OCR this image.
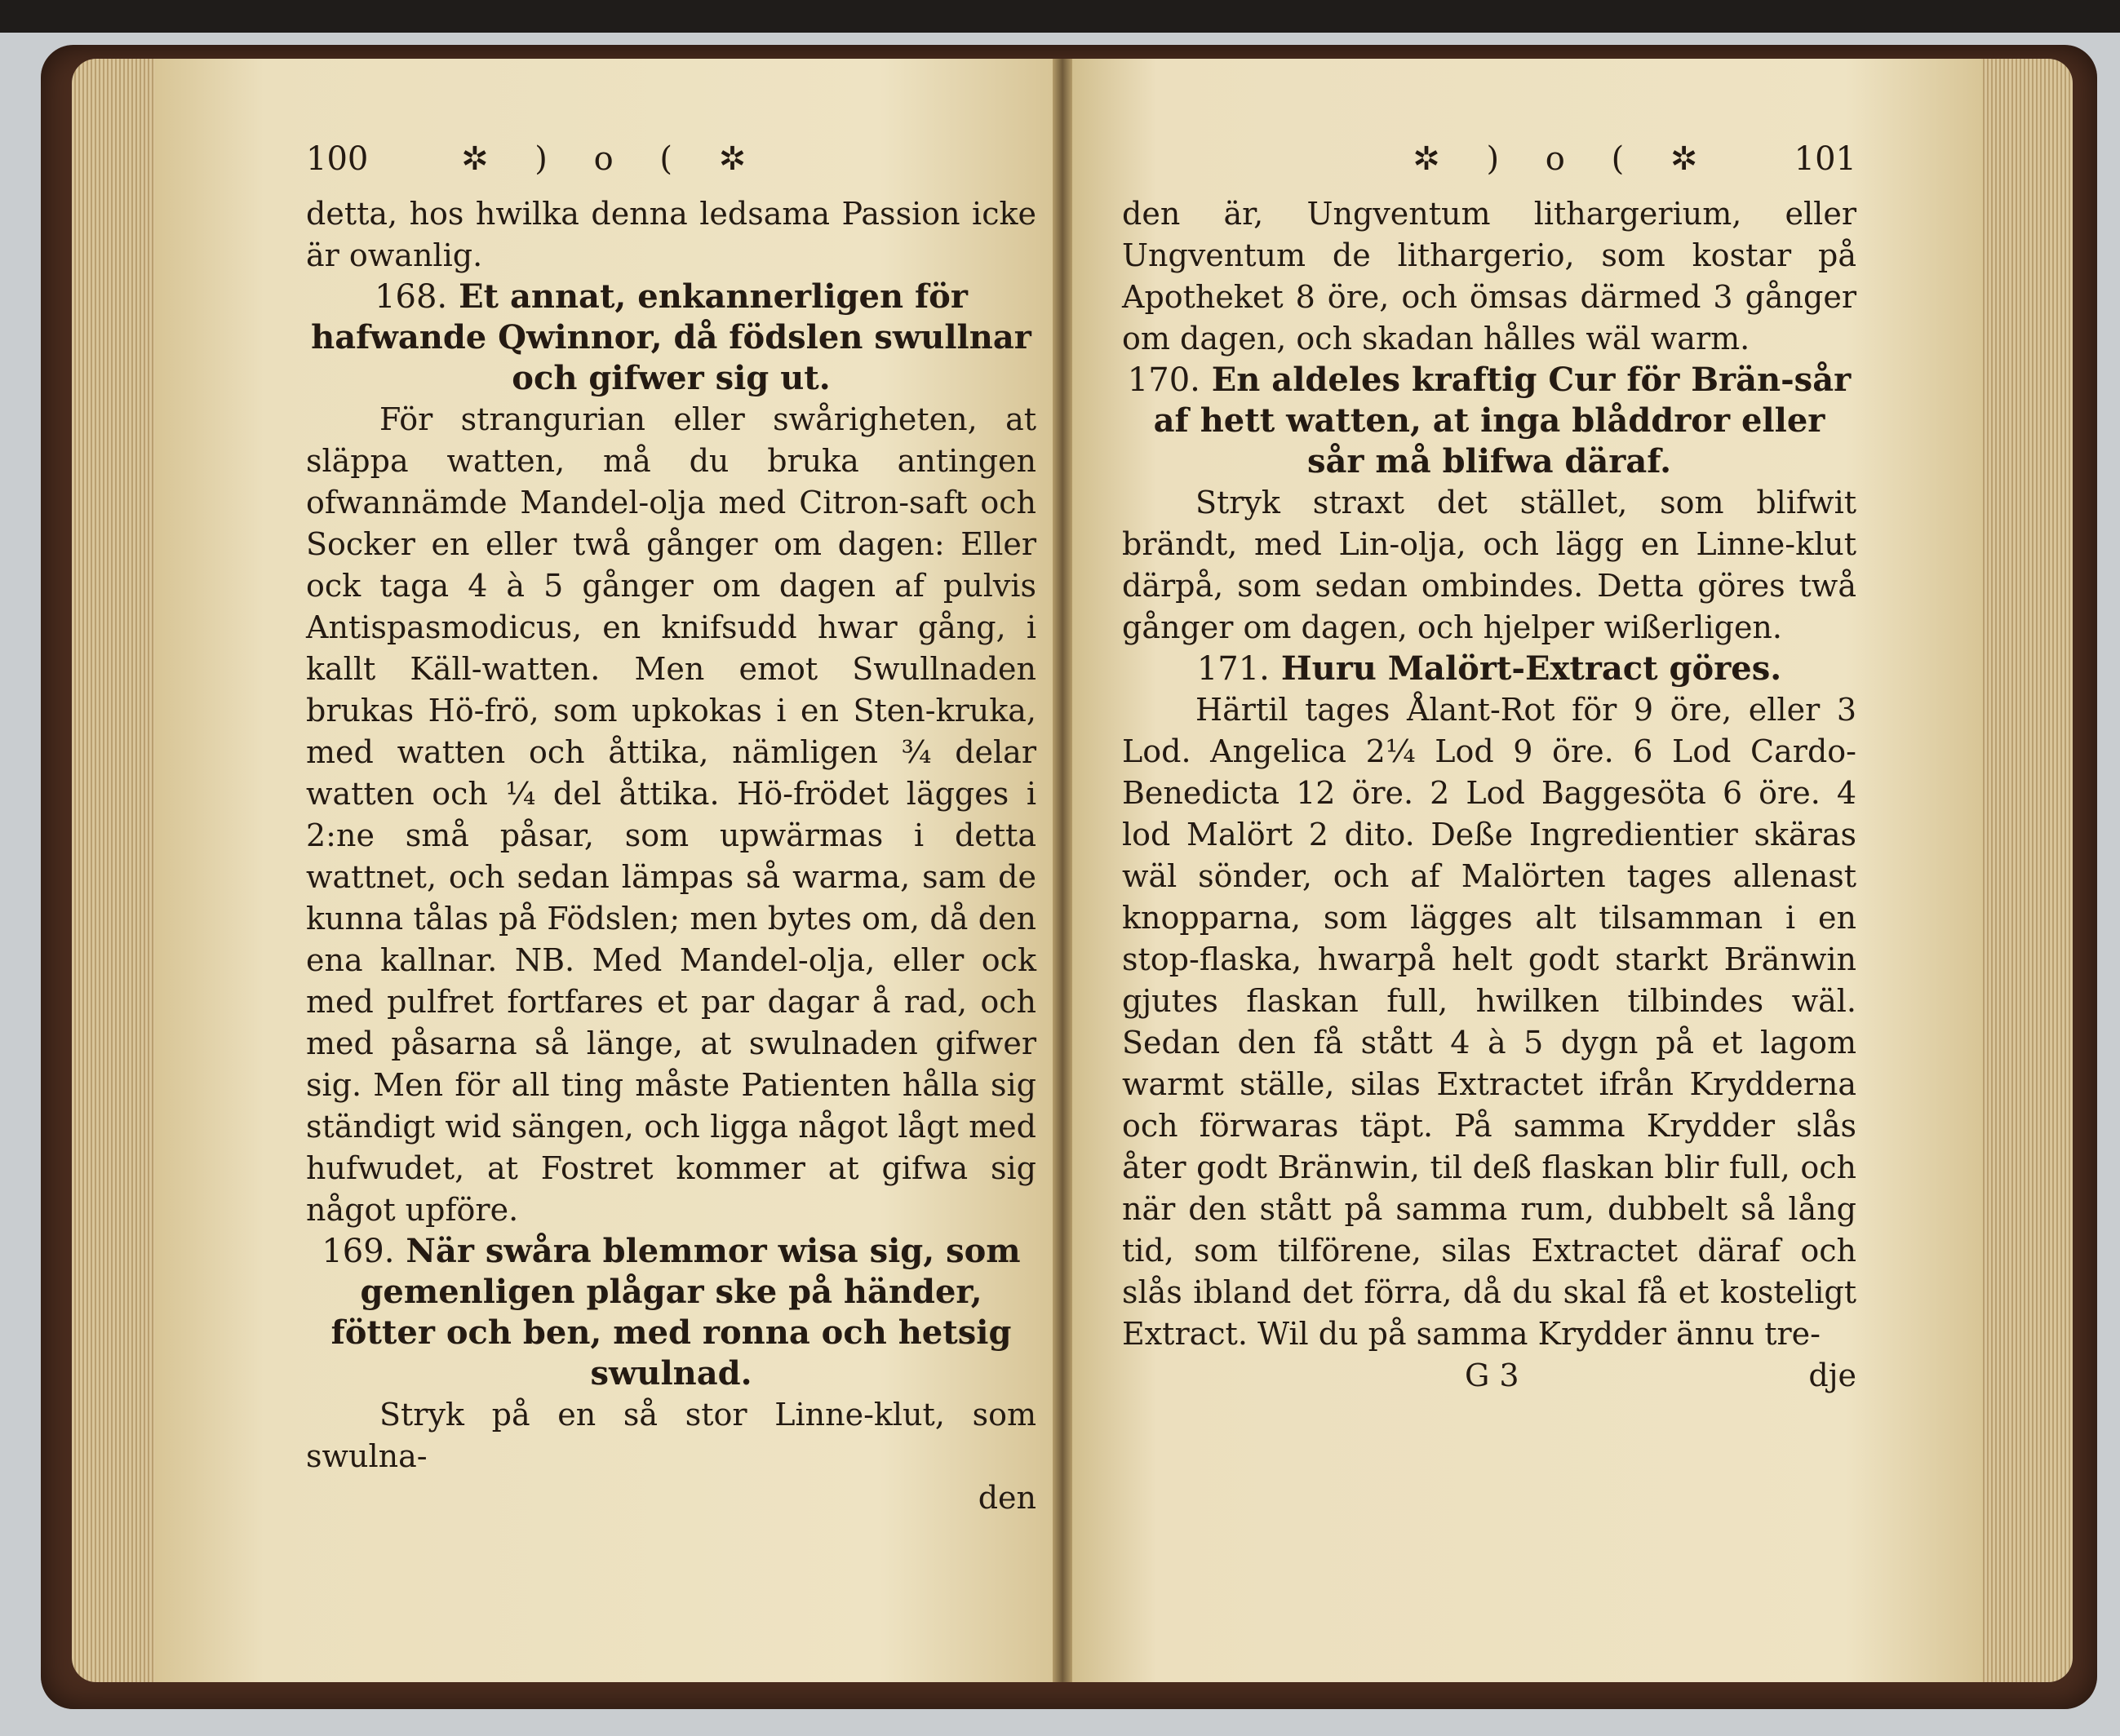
100	✲ ) o ( ✲

detta, hos hwilka denna ledsama Passion icke är owanlig.

168. Et annat, enkannerligen för hafwande Qwinnor, då födslen swullnar och gifwer sig ut.

För strangurian eller swårigheten, at släppa watten, må du bruka antingen ofwannämde Mandel-olja med Citron-saft och Socker en eller twå gånger om dagen: Eller ock taga 4 à 5 gånger om dagen af pulvis Antispasmodicus, en knifsudd hwar gång, i kallt Käll-watten. Men emot Swullnaden brukas Hö-frö, som upkokas i en Sten-kruka, med watten och åttika, nämligen ¾ delar watten och ¼ del åttika. Hö-frödet lägges i 2:ne små påsar, som upwärmas i detta wattnet, och sedan lämpas så warma, sam de kunna tålas på Födslen; men bytes om, då den ena kallnar. NB. Med Mandel-olja, eller ock med pulfret fortfares et par dagar å rad, och med påsarna så länge, at swulnaden gifwer sig. Men för all ting måste Patienten hålla sig ständigt wid sängen, och ligga något lågt med hufwudet, at Fostret kommer at gifwa sig något upföre.

169. När swåra blemmor wisa sig, som gemenligen plågar ske på händer, fötter och ben, med ronna och hetsig swulnad.

Stryk på en så stor Linne-klut, som swulna-

den

✲ ) o ( ✲ 101

den är, Ungventum lithargerium, eller Ungventum de lithargerio, som kostar på Apotheket 8 öre, och ömsas därmed 3 gånger om dagen, och skadan hålles wäl warm.

170. En aldeles kraftig Cur för Brän-sår af hett watten, at inga blåddror eller sår må blifwa däraf.

Stryk straxt det stället, som blifwit brändt, med Lin-olja, och lägg en Linne-klut därpå, som sedan ombindes. Detta göres twå gånger om dagen, och hjelper wißerligen.

171. Huru Malört-Extract göres.

Härtil tages Ålant-Rot för 9 öre, eller 3 Lod. Angelica 2¼ Lod 9 öre. 6 Lod Cardo-Benedicta 12 öre. 2 Lod Baggesöta 6 öre. 4 lod Malört 2 dito. Deße Ingredientier skäras wäl sönder, och af Malörten tages allenast knopparna, som lägges alt tilsamman i en stop-flaska, hwarpå helt godt starkt Bränwin gjutes flaskan full, hwilken tilbindes wäl. Sedan den få stått 4 à 5 dygn på et lagom warmt ställe, silas Extractet ifrån Krydderna och förwaras täpt. På samma Krydder slås åter godt Bränwin, til deß flaskan blir full, och när den stått på samma rum, dubbelt så lång tid, som tilförene, silas Extractet däraf och slås ibland det förra, då du skal få et kosteligt Extract. Wil du på samma Krydder ännu tre-

G 3	dje
